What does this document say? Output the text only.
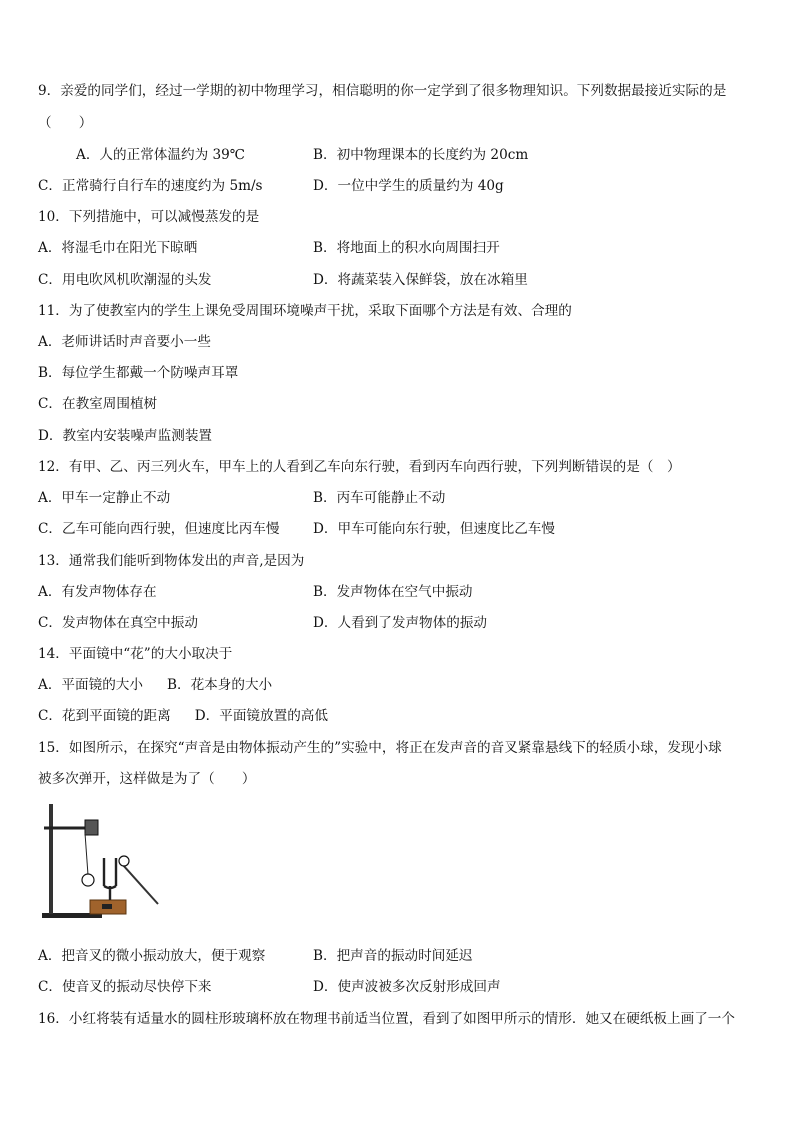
9．亲爱的同学们，经过一学期的初中物理学习，相信聪明的你一定学到了很多物理知识。下列数据最接近实际的是
（　　）
A．人的正常体温约为 39℃	B．初中物理课本的长度约为 20cm
C．正常骑行自行车的速度约为 5m/s	D．一位中学生的质量约为 40g
10．下列措施中，可以减慢蒸发的是
A．将湿毛巾在阳光下晾晒	B．将地面上的积水向周围扫开
C．用电吹风机吹潮湿的头发	D．将蔬菜装入保鲜袋，放在冰箱里
11．为了使教室内的学生上课免受周围环境噪声干扰，采取下面哪个方法是有效、合理的
A．老师讲话时声音要小一些
B．每位学生都戴一个防噪声耳罩
C．在教室周围植树
D．教室内安装噪声监测装置
12．有甲、乙、丙三列火车，甲车上的人看到乙车向东行驶，看到丙车向西行驶，下列判断错误的是（　）
A．甲车一定静止不动	B．丙车可能静止不动
C．乙车可能向西行驶，但速度比丙车慢 D．甲车可能向东行驶，但速度比乙车慢
13．通常我们能听到物体发出的声音,是因为
A．有发声物体存在	B．发声物体在空气中振动
C．发声物体在真空中振动	D．人看到了发声物体的振动
14．平面镜中“花”的大小取决于
A．平面镜的大小 B．花本身的大小
C．花到平面镜的距离 D．平面镜放置的高低
15．如图所示，在探究“声音是由物体振动产生的”实验中，将正在发声音的音叉紧靠悬线下的轻质小球，发现小球
被多次弹开，这样做是为了（　　）
A．把音叉的微小振动放大，便于观察	B．把声音的振动时间延迟
C．使音叉的振动尽快停下来	D．使声波被多次反射形成回声
16．小红将装有适量水的圆柱形玻璃杯放在物理书前适当位置，看到了如图甲所示的情形．她又在硬纸板上画了一个
